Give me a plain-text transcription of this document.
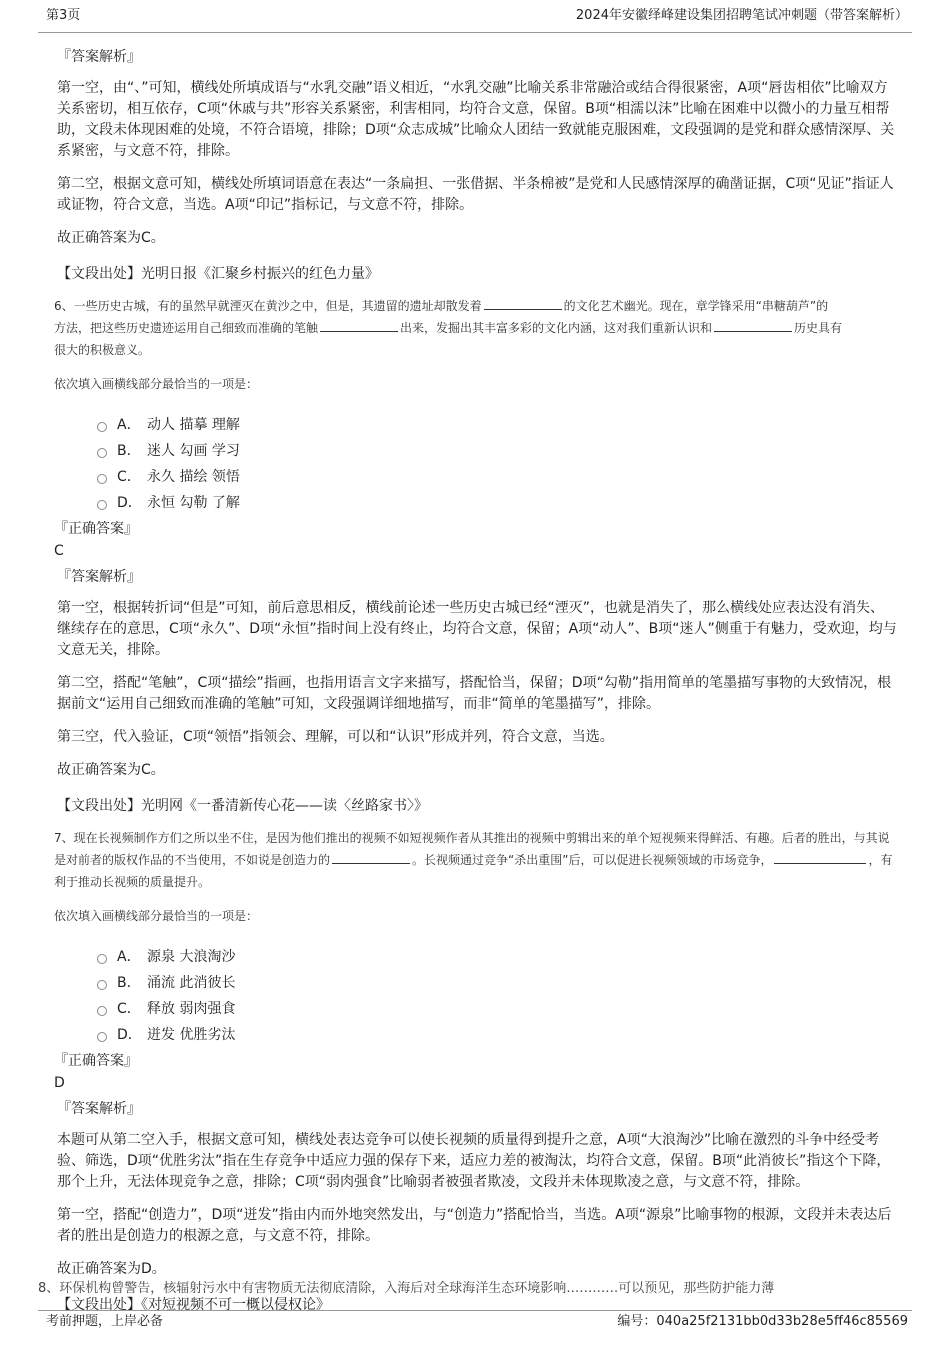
第3页	2024年安徽绎峰建设集团招聘笔试冲刺题（带答案解析）
『答案解析』
第一空，由“、”可知，横线处所填成语与“水乳交融”语义相近，“水乳交融”比喻关系非常融洽或结合得很紧密，A项“唇齿相依”比喻双方关系密切，相互依存，C项“休戚与共”形容关系紧密，利害相同，均符合文意，保留。B项“相濡以沫”比喻在困难中以微小的力量互相帮助，文段未体现困难的处境，不符合语境，排除；D项“众志成城”比喻众人团结一致就能克服困难，文段强调的是党和群众感情深厚、关系紧密，与文意不符，排除。
第二空，根据文意可知，横线处所填词语意在表达“一条扁担、一张借据、半条棉被”是党和人民感情深厚的确凿证据，C项“见证”指证人或证物，符合文意，当选。A项“印记”指标记，与文意不符，排除。
故正确答案为C。
【文段出处】光明日报《汇聚乡村振兴的红色力量》
6、一些历史古城，有的虽然早就湮灭在黄沙之中，但是，其遗留的遗址却散发着	的文化艺术幽光。现在，章学锋采用“串糖葫芦”的
方法，把这些历史遗迹运用自己细致而准确的笔触	出来，发掘出其丰富多彩的文化内涵，这对我们重新认识和	历史具有
很大的积极意义。
依次填入画横线部分最恰当的一项是：
A． 动人 描摹 理解
B． 迷人 勾画 学习
C． 永久 描绘 领悟
D． 永恒 勾勒 了解
『正确答案』
C
『答案解析』
第一空，根据转折词“但是”可知，前后意思相反，横线前论述一些历史古城已经“湮灭”，也就是消失了，那么横线处应表达没有消失、继续存在的意思，C项“永久”、D项“永恒”指时间上没有终止，均符合文意，保留；A项“动人”、B项“迷人”侧重于有魅力，受欢迎，均与文意无关，排除。
第二空，搭配“笔触”，C项“描绘”指画，也指用语言文字来描写，搭配恰当，保留；D项“勾勒”指用简单的笔墨描写事物的大致情况，根据前文“运用自己细致而准确的笔触”可知，文段强调详细地描写，而非“简单的笔墨描写”，排除。
第三空，代入验证，C项“领悟”指领会、理解，可以和“认识”形成并列，符合文意，当选。
故正确答案为C。
【文段出处】光明网《一番清新传心花——读〈丝路家书〉》
7、现在长视频制作方们之所以坐不住，是因为他们推出的视频不如短视频作者从其推出的视频中剪辑出来的单个短视频来得鲜活、有趣。后者的胜出，与其说是对前者的版权作品的不当使用，不如说是创造力的	。长视频通过竞争“杀出重围”后，可以促进长视频领域的市场竞争，	，有利于推动长视频的质量提升。
依次填入画横线部分最恰当的一项是：
A． 源泉 大浪淘沙
B． 涌流 此消彼长
C． 释放 弱肉强食
D． 迸发 优胜劣汰
『正确答案』
D
『答案解析』
本题可从第二空入手，根据文意可知，横线处表达竞争可以使长视频的质量得到提升之意，A项“大浪淘沙”比喻在激烈的斗争中经受考验、筛选，D项“优胜劣汰”指在生存竞争中适应力强的保存下来，适应力差的被淘汰，均符合文意，保留。B项“此消彼长”指这个下降，那个上升，无法体现竞争之意，排除；C项“弱肉强食”比喻弱者被强者欺凌，文段并未体现欺凌之意，与文意不符，排除。
第一空，搭配“创造力”，D项“迸发”指由内而外地突然发出，与“创造力”搭配恰当，当选。A项“源泉”比喻事物的根源，文段并未表达后者的胜出是创造力的根源之意，与文意不符，排除。
故正确答案为D。
【文段出处】《对短视频不可一概以侵权论》
8、环保机构曾警告，核辐射污水中有害物质无法彻底清除，入海后对全球海洋生态环境影响…………可以预见，那些防护能力薄
考前押题，上岸必备	编号：040a25f2131bb0d33b28e5ff46c85569
